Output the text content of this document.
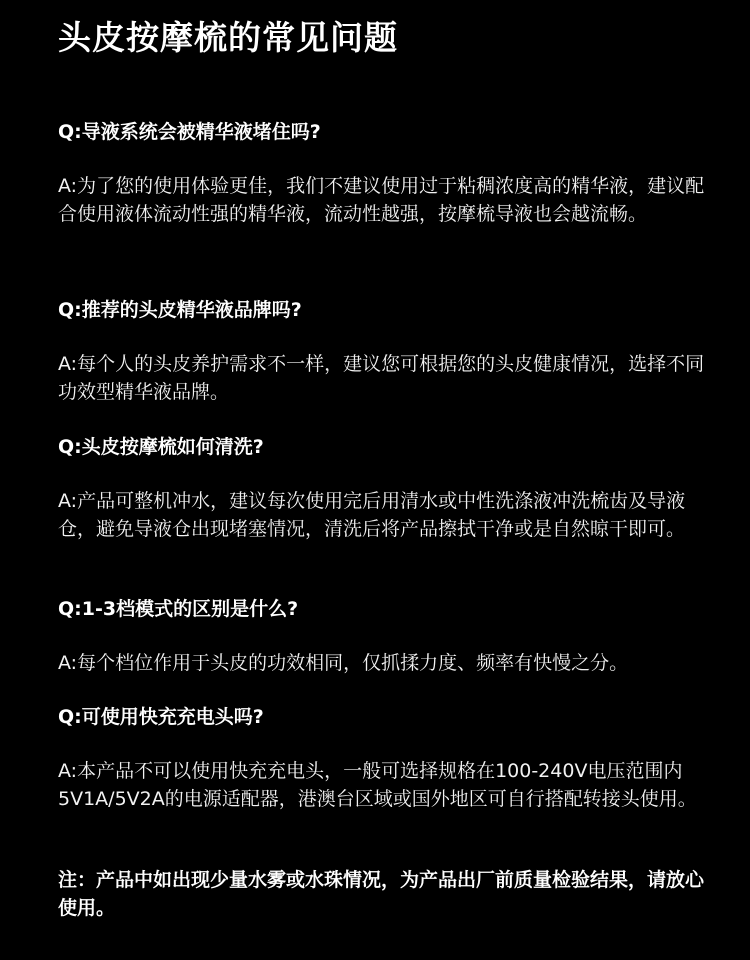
头皮按摩梳的常见问题
Q:导液系统会被精华液堵住吗?
A:为了您的使用体验更佳，我们不建议使用过于粘稠浓度高的精华液，建议配合使用液体流动性强的精华液，流动性越强，按摩梳导液也会越流畅。
Q:推荐的头皮精华液品牌吗?
A:每个人的头皮养护需求不一样，建议您可根据您的头皮健康情况，选择不同功效型精华液品牌。
Q:头皮按摩梳如何清洗?
A:产品可整机冲水，建议每次使用完后用清水或中性洗涤液冲洗梳齿及导液仓，避免导液仓出现堵塞情况，清洗后将产品擦拭干净或是自然晾干即可。
Q:1-3档模式的区别是什么?
A:每个档位作用于头皮的功效相同，仅抓揉力度、频率有快慢之分。
Q:可使用快充充电头吗?
A:本产品不可以使用快充充电头，一般可选择规格在100-240V电压范围内5V1A/5V2A的电源适配器，港澳台区域或国外地区可自行搭配转接头使用。
注：产品中如出现少量水雾或水珠情况，为产品出厂前质量检验结果，请放心使用。
